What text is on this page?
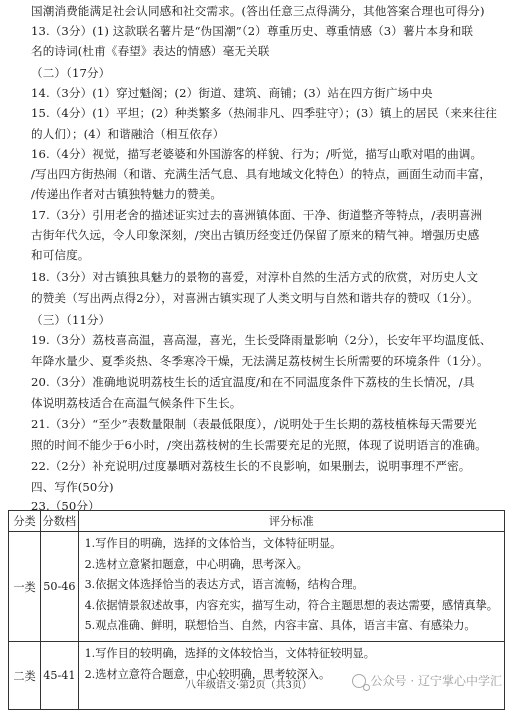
国潮消费能满足社会认同感和社交需求。(答出任意三点得满分，其他答案合理也可得分)
13.（3分）(1) 这款联名薯片是“伪国潮”（2）尊重历史、尊重情感（3）薯片本身和联
名的诗词(杜甫《春望》表达的情感）毫无关联
（二）（17分）
14.（3分）(1）穿过魁阁；(2）街道、建筑、商铺；(3）站在四方街广场中央
15.（4分）(1）平坦；(2）种类繁多（热闹非凡、四季驻守）；(3）镇上的居民（来来往往
的人们）；(4）和谐融洽（相互依存）
16.（4分）视觉，描写老婆婆和外国游客的样貌、行为；/听觉，描写山歌对唱的曲调。
/写出四方街热闹（和谐、充满生活气息、具有地域文化特色）的特点，画面生动而丰富，
/传递出作者对古镇独特魅力的赞美。
17.（3分）引用老舍的描述证实过去的喜洲镇体面、干净、街道整齐等特点，/表明喜洲
古街年代久远，令人印象深刻，/突出古镇历经变迁仍保留了原来的精气神。增强历史感
和可信度。
18.（3分）对古镇独具魅力的景物的喜爱，对淳朴自然的生活方式的欣赏，对历史人文
的赞美（写出两点得2分），对喜洲古镇实现了人类文明与自然和谐共存的赞叹（1分）。
（三）（11分）
19.（3分）荔枝喜高温，喜高湿，喜光，生长受降雨量影响（2分），长安年平均温度低、
年降水量少、夏季炎热、冬季寒冷干燥，无法满足荔枝树生长所需要的环境条件（1分）。
20.（3分）准确地说明荔枝生长的适宜温度/和在不同温度条件下荔枝的生长情况，/具
体说明荔枝适合在高温气候条件下生长。
21.（3分）“至少”表数量限制（表最低限度），/说明处于生长期的荔枝植株每天需要光
照的时间不能少于6小时，/突出荔枝树的生长需要充足的光照，体现了说明语言的准确。
22.（2分）补充说明/过度暴晒对荔枝生长的不良影响，如果删去，说明事理不严密。
四、写作(50分)
23.（50分）
分类	分数档	评分标准
一类	50-46	1.写作目的明确，选择的文体恰当，文体特征明显。
2.选材立意紧扣题意，中心明确，思考深入。
3.依据文体选择恰当的表达方式，语言流畅，结构合理。
4.依据情景叙述故事，内容充实，描写生动，符合主题思想的表达需要，感情真挚。
5.观点准确、鲜明，联想恰当、自然，内容丰富、具体，语言丰富、有感染力。

二类	45-41	1.写作目的较明确，选择的文体较恰当，文体特征较明显。
2.选材立意符合题意，中心较明确，思考较深入。
八年级语文·第2页（共3页）	公众号 · 辽宁掌心中学汇
